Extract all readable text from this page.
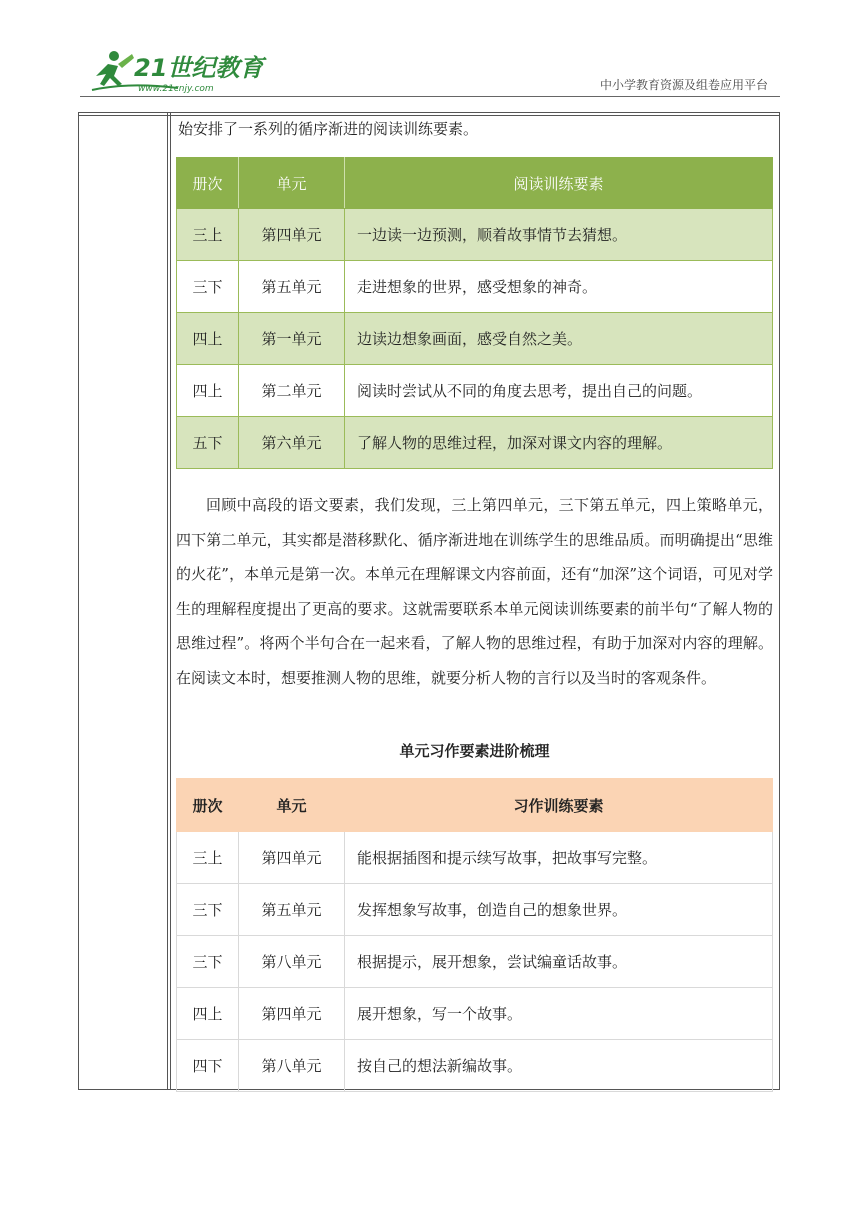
21世纪教育
www.21cnjy.com	中小学教育资源及组卷应用平台
始安排了一系列的循序渐进的阅读训练要素。
册次	单元	阅读训练要素
三上	第四单元	一边读一边预测，顺着故事情节去猜想。
三下	第五单元	走进想象的世界，感受想象的神奇。
四上	第一单元	边读边想象画面，感受自然之美。
四上	第二单元	阅读时尝试从不同的角度去思考，提出自己的问题。
五下	第六单元	了解人物的思维过程，加深对课文内容的理解。

回顾中高段的语文要素，我们发现，三上第四单元，三下第五单元，四上策略单元，四下第二单元，其实都是潜移默化、循序渐进地在训练学生的思维品质。而明确提出“思维的火花”，本单元是第一次。本单元在理解课文内容前面，还有“加深”这个词语，可见对学生的理解程度提出了更高的要求。这就需要联系本单元阅读训练要素的前半句“了解人物的思维过程”。将两个半句合在一起来看，了解人物的思维过程，有助于加深对内容的理解。在阅读文本时，想要推测人物的思维，就要分析人物的言行以及当时的客观条件。

单元习作要素进阶梳理
册次	单元	习作训练要素
三上	第四单元	能根据插图和提示续写故事，把故事写完整。
三下	第五单元	发挥想象写故事，创造自己的想象世界。
三下	第八单元	根据提示，展开想象，尝试编童话故事。
四上	第四单元	展开想象，写一个故事。
四下	第八单元	按自己的想法新编故事。
